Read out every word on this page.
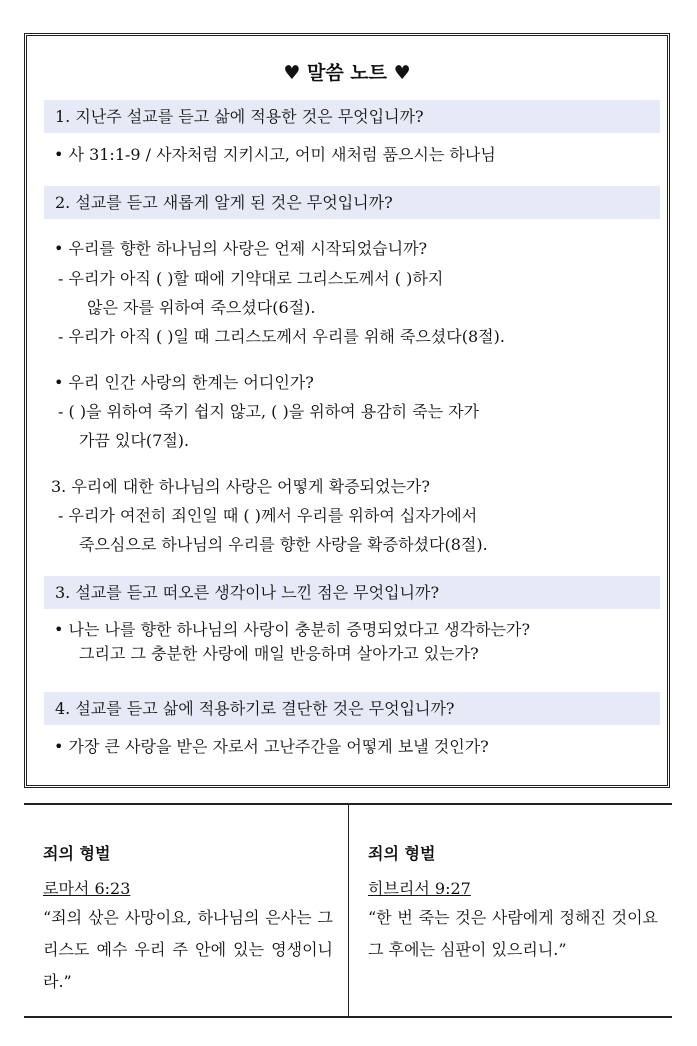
♥ 말씀 노트 ♥
1. 지난주 설교를 듣고 삶에 적용한 것은 무엇입니까?
• 사 31:1-9 / 사자처럼 지키시고, 어미 새처럼 품으시는 하나님
2. 설교를 듣고 새롭게 알게 된 것은 무엇입니까?
• 우리를 향한 하나님의 사랑은 언제 시작되었습니까?
- 우리가 아직 ( )할 때에 기약대로 그리스도께서 ( )하지
않은 자를 위하여 죽으셨다(6절).
- 우리가 아직 ( )일 때 그리스도께서 우리를 위해 죽으셨다(8절).
• 우리 인간 사랑의 한계는 어디인가?
- ( )을 위하여 죽기 쉽지 않고, ( )을 위하여 용감히 죽는 자가
가끔 있다(7절).
3. 우리에 대한 하나님의 사랑은 어떻게 확증되었는가?
- 우리가 여전히 죄인일 때 ( )께서 우리를 위하여 십자가에서
죽으심으로 하나님의 우리를 향한 사랑을 확증하셨다(8절).
3. 설교를 듣고 떠오른 생각이나 느낀 점은 무엇입니까?
• 나는 나를 향한 하나님의 사랑이 충분히 증명되었다고 생각하는가?
그리고 그 충분한 사랑에 매일 반응하며 살아가고 있는가?
4. 설교를 듣고 삶에 적용하기로 결단한 것은 무엇입니까?
• 가장 큰 사랑을 받은 자로서 고난주간을 어떻게 보낼 것인가?
죄의 형벌
로마서 6:23
“죄의 삯은 사망이요, 하나님의 은사는 그리스도 예수 우리 주 안에 있는 영생이니라.”
죄의 형벌
히브리서 9:27
“한 번 죽는 것은 사람에게 정해진 것이요 그 후에는 심판이 있으리니.”
